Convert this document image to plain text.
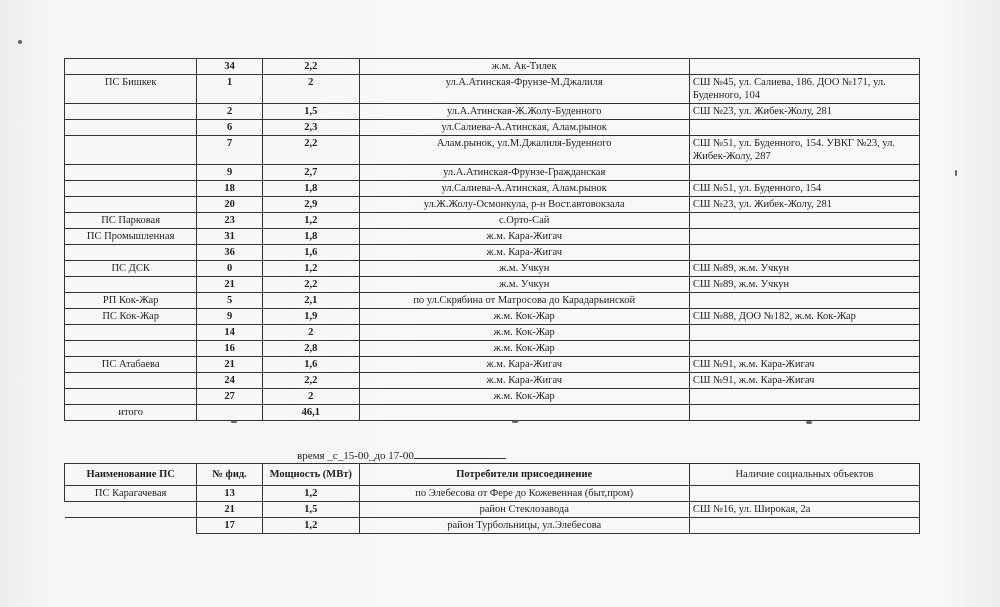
	34	2,2	ж.м. Ак-Тилек	
ПС Бишкек	1	2	ул.А.Атинская-Фрунзе-М.Джалиля	СШ №45, ул. Салиева, 186. ДОО №171, ул. Буденного, 104
	2	1,5	ул.А.Атинская-Ж.Жолу-Буденного	СШ №23, ул. Жибек-Жолу, 281
	6	2,3	ул.Салиева-А.Атинская, Алам.рынок	
	7	2,2	Алам.рынок, ул.М.Джалиля-Буденного	СШ №51, ул. Буденного, 154. УВКГ №23, ул. Жибек-Жолу, 287
	9	2,7	ул.А.Атинская-Фрунзе-Гражданская	
	18	1,8	ул.Салиева-А.Атинская, Алам.рынок	СШ №51, ул. Буденного, 154
	20	2,9	ул.Ж.Жолу-Осмонкула, р-н Вост.автовокзала	СШ №23, ул. Жибек-Жолу, 281
ПС Парковая	23	1,2	с.Орто-Сай	
ПС Промышленная	31	1,8	ж.м. Кара-Жигач	
	36	1,6	ж.м. Кара-Жигач	
ПС ДСК	0	1,2	ж.м. Учкун	СШ №89, ж.м. Учкун
	21	2,2	ж.м. Учкун	СШ №89, ж.м. Учкун
РП Кок-Жар	5	2,1	по ул.Скрябина от Матросова до Карадарьинской	
ПС Кок-Жар	9	1,9	ж.м. Кок-Жар	СШ №88, ДОО №182, ж.м. Кок-Жар
	14	2	ж.м. Кок-Жар	
	16	2,8	ж.м. Кок-Жар	
ПС Атабаева	21	1,6	ж.м. Кара-Жигач	СШ №91, ж.м. Кара-Жигач
	24	2,2	ж.м. Кара-Жигач	СШ №91, ж.м. Кара-Жигач
	27	2	ж.м. Кок-Жар	
итого		46,1		
время _с_15-00_до 17-00
Наименование ПС	№ фид.	Мощность (МВт)	Потребители присоединение	Наличие социальных объектов
ПС Карагачевая	13	1,2	по Элебесова от Фере до Кожевенная (быт,пром)	
	21	1,5	район Стеклозавода	СШ №16, ул. Широкая, 2а
	17	1,2	район Турбольницы, ул.Элебесова	
